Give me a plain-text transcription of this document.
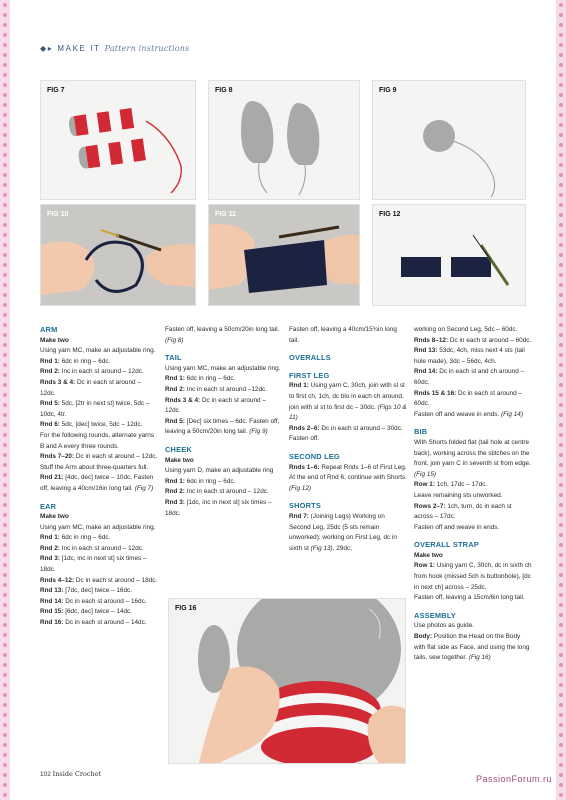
◆▸ MAKE IT Pattern instructions
FIG 7	FIG 8	FIG 9
FIG 10	FIG 11	FIG 12
FIG 16

ARM

Make two

Using yarn MC, make an adjustable ring.

Rnd 1: 6dc in ring – 6dc.

Rnd 2: Inc in each st around – 12dc.

Rnds 3 & 4: Dc in each st around – 12dc.

Rnd 5: 5dc, [2tr in next st] twice, 5dc – 10dc, 4tr.

Rnd 6: 5dc, [dec] twice, 5dc – 12dc.

For the following rounds, alternate yarns B and A every three rounds.

Rnds 7–20: Dc in each st around – 12dc.

Stuff the Arm about three-quarters full.

Rnd 21: [4dc, dec] twice – 10dc. Fasten off, leaving a 40cm/16in long tail. (Fig 7)

EAR

Make two

Using yarn MC, make an adjustable ring.

Rnd 1: 6dc in ring – 6dc.

Rnd 2: Inc in each st around – 12dc.

Rnd 3: [1dc, inc in next st] six times – 18dc.

Rnds 4–12: Dc in each st around – 18dc.

Rnd 13: [7dc, dec] twice – 16dc.

Rnd 14: Dc in each st around – 16dc.

Rnd 15: [6dc, dec] twice – 14dc.

Rnd 16: Dc in each st around – 14dc.

Fasten off, leaving a 50cm/20in long tail. (Fig 8)

TAIL

Using yarn MC, make an adjustable ring.

Rnd 1: 6dc in ring – 6dc.

Rnd 2: Inc in each st around –12dc.

Rnds 3 & 4: Dc in each st around – 12dc.

Rnd 5: [Dec] six times – 6dc. Fasten off, leaving a 50cm/20in long tail. (Fig 9)

CHEEK

Make two

Using yarn D, make an adjustable ring

Rnd 1: 6dc in ring – 6dc.

Rnd 2: Inc in each st around – 12dc.

Rnd 3: [1dc, inc in next st] six times – 18dc.

Fasten off, leaving a 40cm/15¾in long tail.

OVERALLS

FIRST LEG

Rnd 1: Using yarn C, 30ch, join with sl st to first ch, 1ch, dc blo in each ch around, join with sl st to first dc – 30dc. (Figs 10 & 11)

Rnds 2–6: Dc in each st around – 30dc.

Fasten off.

SECOND LEG

Rnds 1–6: Repeat Rnds 1–6 of First Leg.

At the end of Rnd 6, continue with Shorts. (Fig 12)

SHORTS

Rnd 7: (Joining Legs) Working on Second Leg, 25dc (5 sts remain unworked); working on First Leg, dc in sixth st (Fig 13), 29dc;

working on Second Leg, 5dc – 60dc.

Rnds 8–12: Dc in each st around – 60dc.

Rnd 13: 53dc, 4ch, miss next 4 sts (tail hole made), 3dc – 56dc, 4ch.

Rnd 14: Dc in each st and ch around – 60dc.

Rnds 15 & 16: Dc in each st around – 60dc.

Fasten off and weave in ends. (Fig 14)

BIB

With Shorts folded flat (tail hole at centre back), working across the stitches on the front, join yarn C in seventh st from edge. (Fig 15)

Row 1: 1ch, 17dc – 17dc.

Leave remaining sts unworked.

Rows 2–7: 1ch, turn, dc in each st across – 17dc.

Fasten off and weave in ends.

OVERALL STRAP

Make two

Row 1: Using yarn C, 30ch, dc in sixth ch from hook (missed 5ch is buttonhole), [dc in next ch] across – 25dc.

Fasten off, leaving a 15cm/6in long tail.

ASSEMBLY

Use photos as guide.

Body: Position the Head on the Body with flat side as Face, and using the long tails, sew together. (Fig 16)

102 Inside Crochet	PassionForum.ru
